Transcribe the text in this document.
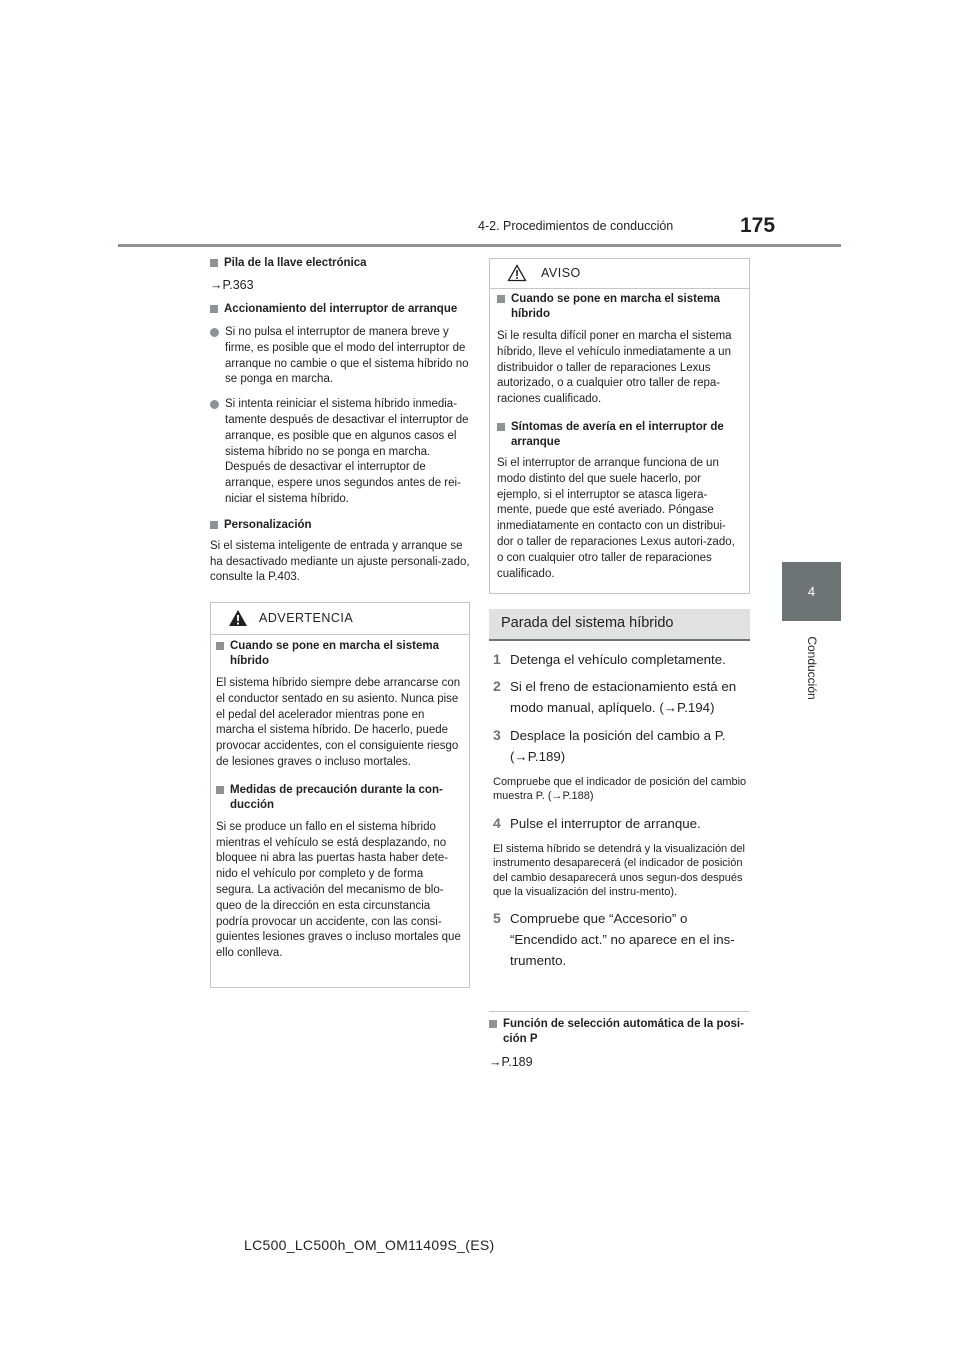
4-2. Procedimientos de conducción	175
4
Conducción
Pila de la llave electrónica
→P.363
Accionamiento del interruptor de arranque
Si no pulsa el interruptor de manera breve y firme, es posible que el modo del interruptor de arranque no cambie o que el sistema híbrido no se ponga en marcha.
Si intenta reiniciar el sistema híbrido inmedia-tamente después de desactivar el interruptor de arranque, es posible que en algunos casos el sistema híbrido no se ponga en marcha. Después de desactivar el interruptor de arranque, espere unos segundos antes de rei-niciar el sistema híbrido.
Personalización
Si el sistema inteligente de entrada y arranque se ha desactivado mediante un ajuste personali-zado, consulte la P.403.
ADVERTENCIA
Cuando se pone en marcha el sistema híbrido
El sistema híbrido siempre debe arrancarse con el conductor sentado en su asiento. Nunca pise el pedal del acelerador mientras pone en marcha el sistema híbrido. De hacerlo, puede provocar accidentes, con el consiguiente riesgo de lesiones graves o incluso mortales.
Medidas de precaución durante la con-ducción
Si se produce un fallo en el sistema híbrido mientras el vehículo se está desplazando, no bloquee ni abra las puertas hasta haber dete-nido el vehículo por completo y de forma segura. La activación del mecanismo de blo-queo de la dirección en esta circunstancia podría provocar un accidente, con las consi-guientes lesiones graves o incluso mortales que ello conlleva.
AVISO
Cuando se pone en marcha el sistema híbrido
Si le resulta difícil poner en marcha el sistema híbrido, lleve el vehículo inmediatamente a un distribuidor o taller de reparaciones Lexus autorizado, o a cualquier otro taller de repa-raciones cualificado.
Síntomas de avería en el interruptor de arranque
Si el interruptor de arranque funciona de un modo distinto del que suele hacerlo, por ejemplo, si el interruptor se atasca ligera-mente, puede que esté averiado. Póngase inmediatamente en contacto con un distribui-dor o taller de reparaciones Lexus autori-zado, o con cualquier otro taller de reparaciones cualificado.
Parada del sistema híbrido
1 Detenga el vehículo completamente.
2 Si el freno de estacionamiento está en modo manual, aplíquelo. (→P.194)
3 Desplace la posición del cambio a P. (→P.189)
Compruebe que el indicador de posición del cambio muestra P. (→P.188)
4 Pulse el interruptor de arranque.
El sistema híbrido se detendrá y la visualización del instrumento desaparecerá (el indicador de posición del cambio desaparecerá unos segun-dos después que la visualización del instru-mento).
5 Compruebe que “Accesorio” o “Encendido act.” no aparece en el ins-trumento.
Función de selección automática de la posi-ción P
→P.189
LC500_LC500h_OM_OM11409S_(ES)
